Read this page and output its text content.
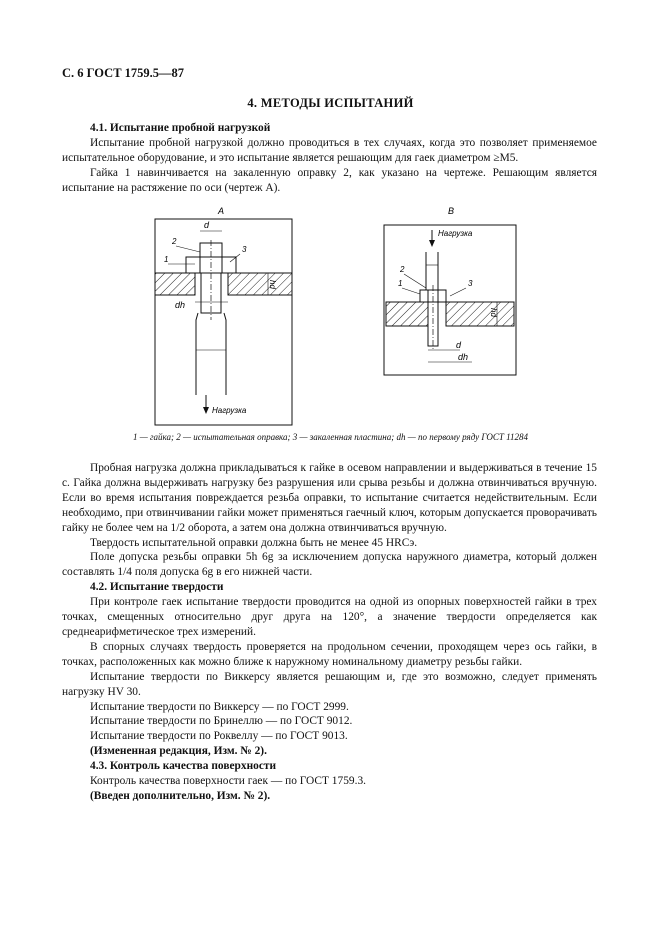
С. 6 ГОСТ 1759.5—87
4. МЕТОДЫ ИСПЫТАНИЙ

4.1. Испытание пробной нагрузкой

Испытание пробной нагрузкой должно проводиться в тех случаях, когда это позволяет применяемое испытательное оборудование, и это испытание является решающим для гаек диаметром ≥M5.

Гайка 1 навинчивается на закаленную оправку 2, как указано на чертеже. Решающим является испытание на растяжение по оси (чертеж A).

A
d
dh
hd
1
2
3
Нагрузка
B
Нагрузка
d
dh
hd
1
2
3
1 — гайка; 2 — испытательная оправка; 3 — закаленная пластина; dh — по первому ряду ГОСТ 11284

Пробная нагрузка должна прикладываться к гайке в осевом направлении и выдерживаться в течение 15 с. Гайка должна выдерживать нагрузку без разрушения или срыва резьбы и должна отвинчиваться вручную. Если во время испытания повреждается резьба оправки, то испытание считается недействительным. Если необходимо, при отвинчивании гайки может применяться гаечный ключ, которым допускается проворачивать гайку не более чем на 1/2 оборота, а затем она должна отвинчиваться вручную.

Твердость испытательной оправки должна быть не менее 45 HRCэ.

Поле допуска резьбы оправки 5h 6g за исключением допуска наружного диаметра, который должен составлять 1/4 поля допуска 6g в его нижней части.

4.2. Испытание твердости

При контроле гаек испытание твердости проводится на одной из опорных поверхностей гайки в трех точках, смещенных относительно друг друга на 120°, а значение твердости определяется как среднеарифметическое трех измерений.

В спорных случаях твердость проверяется на продольном сечении, проходящем через ось гайки, в точках, расположенных как можно ближе к наружному номинальному диаметру резьбы гайки.

Испытание твердости по Виккерсу является решающим и, где это возможно, следует применять нагрузку HV 30.

Испытание твердости по Виккерсу — по ГОСТ 2999.

Испытание твердости по Бринеллю — по ГОСТ 9012.

Испытание твердости по Роквеллу — по ГОСТ 9013.

(Измененная редакция, Изм. № 2).

4.3. Контроль качества поверхности

Контроль качества поверхности гаек — по ГОСТ 1759.3.

(Введен дополнительно, Изм. № 2).
